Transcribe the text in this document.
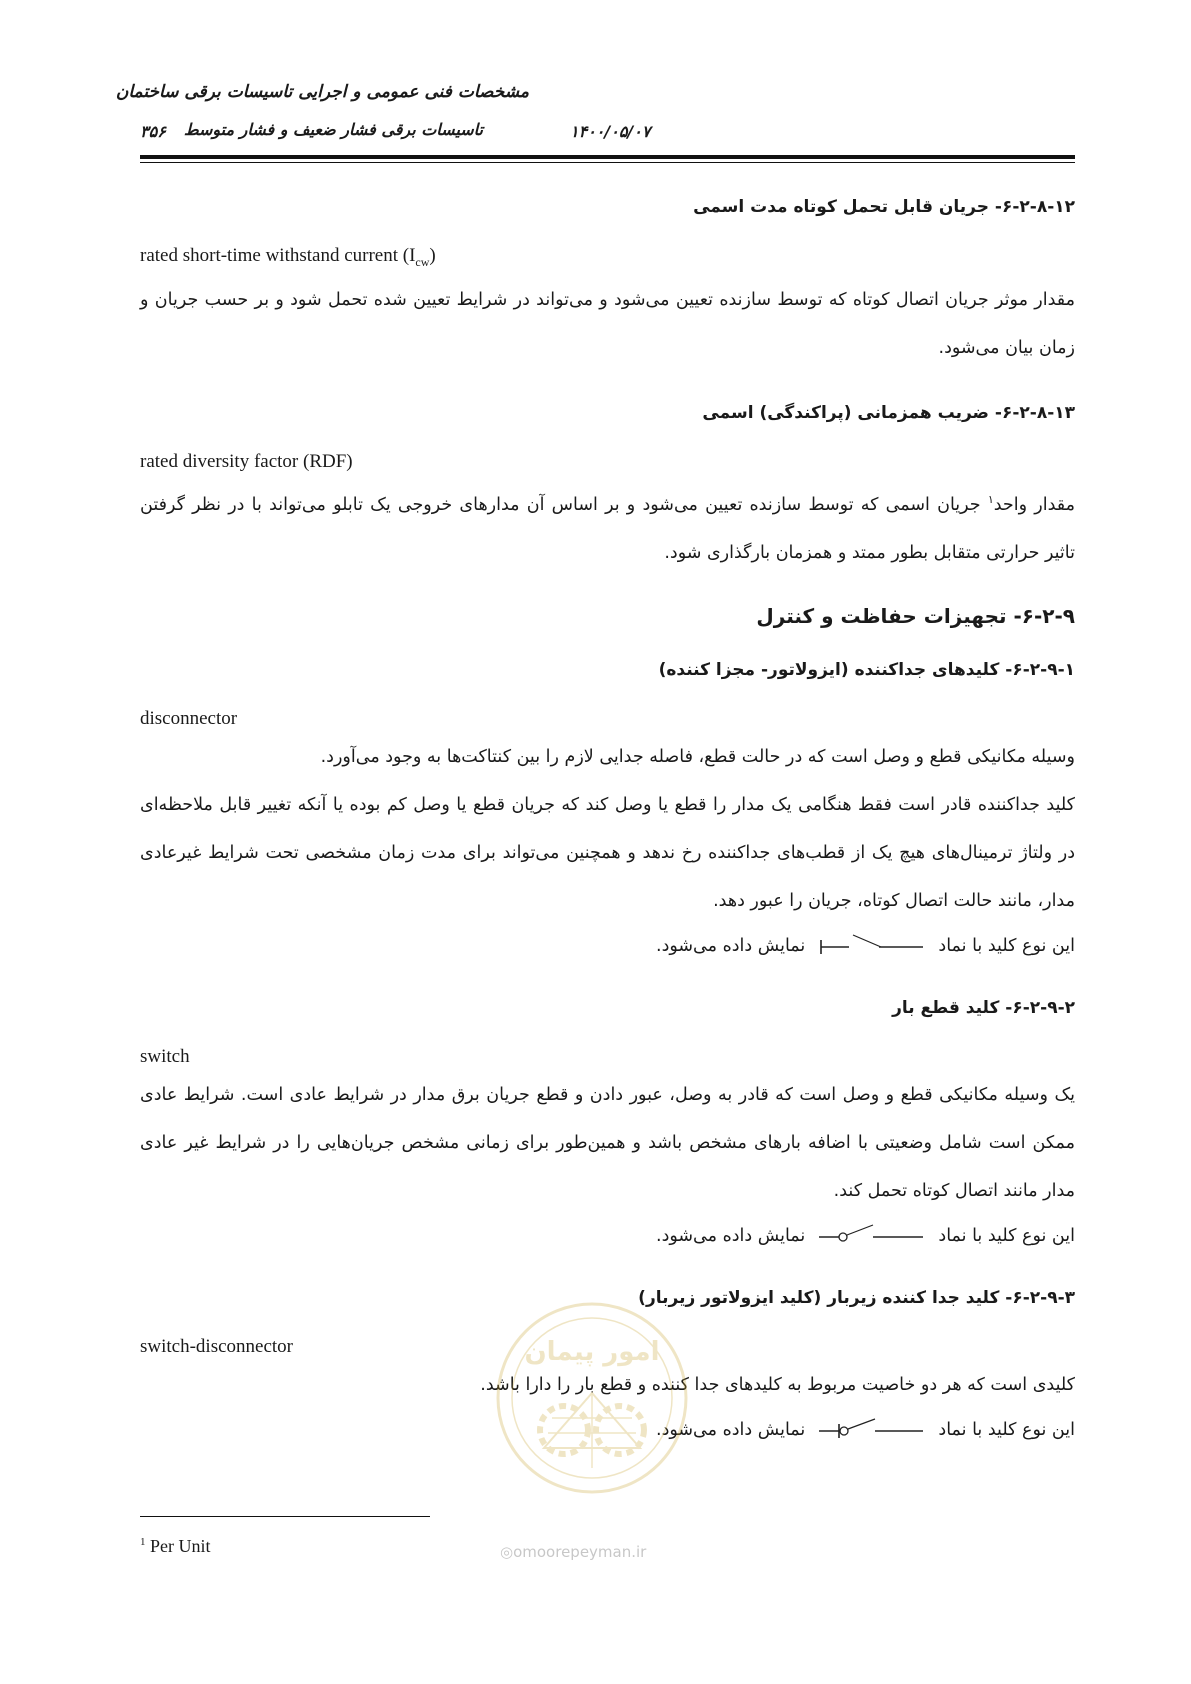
مشخصات فنی عمومی و اجرایی تاسیسات برقی ساختمان
تاسیسات برقی فشار ضعیف و فشار متوسط	۱۴۰۰/۰۵/۰۷
۳۵۶

۶-۲-۸-۱۲- جریان قابل تحمل کوتاه مدت اسمی

rated short-time withstand current $(I_{cw})$

مقدار موثر جریان اتصال کوتاه که توسط سازنده تعیین می‌شود و می‌تواند در شرایط تعیین شده تحمل شود و بر حسب جریان و زمان بیان می‌شود.

۶-۲-۸-۱۳- ضریب همزمانی (پراکندگی) اسمی

rated diversity factor (RDF)

مقدار واحد$^۱$ جریان اسمی که توسط سازنده تعیین می‌شود و بر اساس آن مدارهای خروجی یک تابلو می‌تواند با در نظر گرفتن تاثیر حرارتی متقابل بطور ممتد و همزمان بارگذاری شود.

۶-۲-۹- تجهیزات حفاظت و کنترل

۶-۲-۹-۱- کلیدهای جداکننده (ایزولاتور- مجزا کننده)

disconnector

وسیله مکانیکی قطع و وصل است که در حالت قطع، فاصله جدایی لازم را بین کنتاکت‌ها به وجود می‌آورد.

کلید جداکننده قادر است فقط هنگامی یک مدار را قطع یا وصل کند که جریان قطع یا وصل کم بوده یا آنکه تغییر قابل ملاحظه‌ای در ولتاژ ترمینال‌های هیچ یک از قطب‌های جداکننده رخ ندهد و همچنین می‌تواند برای مدت زمان مشخصی تحت شرایط غیرعادی مدار، مانند حالت اتصال کوتاه، جریان را عبور دهد.

این نوع کلید با نماد  نمایش داده می‌شود.

۶-۲-۹-۲- کلید قطع بار

switch

یک وسیله مکانیکی قطع و وصل است که قادر به وصل، عبور دادن و قطع جریان برق مدار در شرایط عادی است. شرایط عادی ممکن است شامل وضعیتی با اضافه بارهای مشخص باشد و همین‌طور برای زمانی مشخص جریان‌هایی را در شرایط غیر عادی مدار مانند اتصال کوتاه تحمل کند.

این نوع کلید با نماد  نمایش داده می‌شود.

۶-۲-۹-۳- کلید جدا کننده زیربار (کلید ایزولاتور زیربار)

switch-disconnector

کلیدی است که هر دو خاصیت مربوط به کلیدهای جدا کننده و قطع بار را دارا باشد.

این نوع کلید با نماد  نمایش داده می‌شود.

$^1$ Per Unit
امور پیمان
◎omoorepeyman.ir
